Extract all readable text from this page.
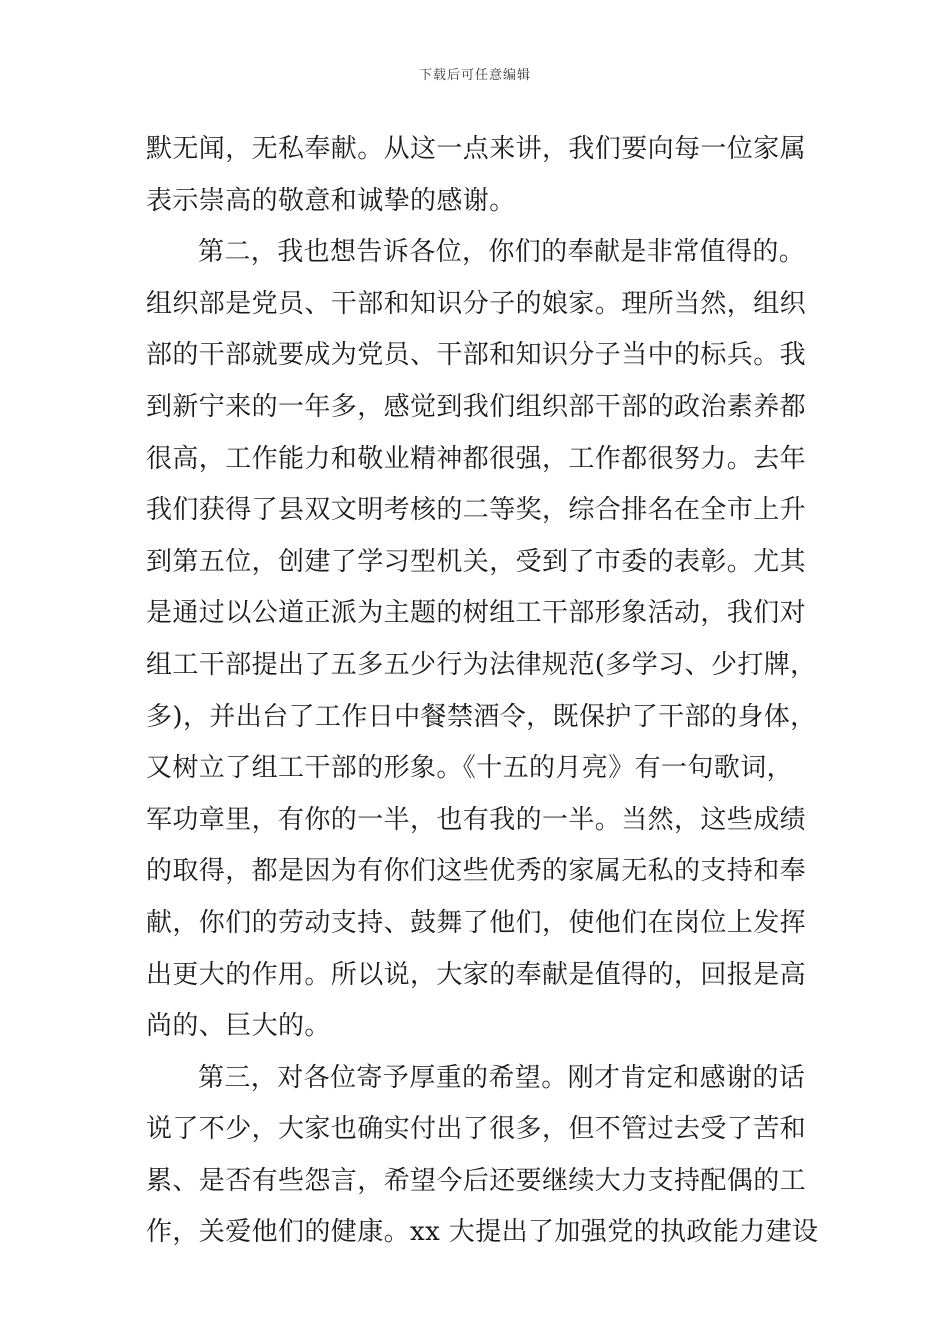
下载后可任意编辑
默无闻，无私奉献。从这一点来讲，我们要向每一位家属
表示崇高的敬意和诚挚的感谢。
第二，我也想告诉各位，你们的奉献是非常值得的。
组织部是党员、干部和知识分子的娘家。理所当然，组织
部的干部就要成为党员、干部和知识分子当中的标兵。我
到新宁来的一年多，感觉到我们组织部干部的政治素养都
很高，工作能力和敬业精神都很强，工作都很努力。去年
我们获得了县双文明考核的二等奖，综合排名在全市上升
到第五位，创建了学习型机关，受到了市委的表彰。尤其
是通过以公道正派为主题的树组工干部形象活动，我们对
组工干部提出了五多五少行为法律规范(多学习、少打牌，
多)，并出台了工作日中餐禁酒令，既保护了干部的身体，
又树立了组工干部的形象。《十五的月亮》有一句歌词，
军功章里，有你的一半，也有我的一半。当然，这些成绩
的取得，都是因为有你们这些优秀的家属无私的支持和奉
献，你们的劳动支持、鼓舞了他们，使他们在岗位上发挥
出更大的作用。所以说，大家的奉献是值得的，回报是高
尚的、巨大的。
第三，对各位寄予厚重的希望。刚才肯定和感谢的话
说了不少，大家也确实付出了很多，但不管过去受了苦和
累、是否有些怨言，希望今后还要继续大力支持配偶的工
作，关爱他们的健康。xx 大提出了加强党的执政能力建设
